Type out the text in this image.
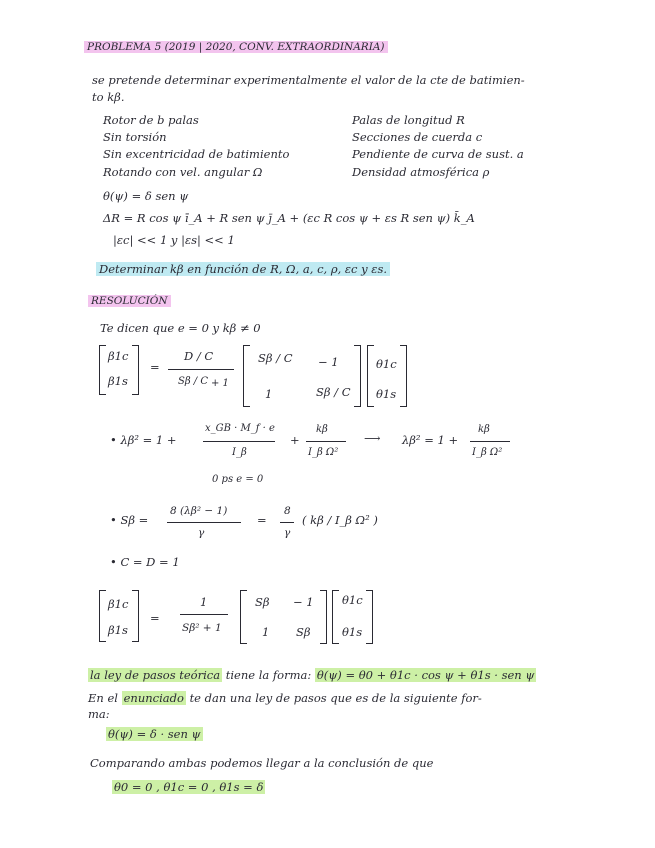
PROBLEMA 5 (2019 | 2020, CONV. EXTRAORDINARIA)
se pretende determinar experimentalmente el valor de la cte de batimien-
to kβ.
Rotor de b palas
Sin torsión
Sin excentricidad de batimiento
Rotando con vel. angular Ω
Palas de longitud R
Secciones de cuerda c
Pendiente de curva de sust. a
Densidad atmosférica ρ
θ(ψ) = δ sen ψ
ΔR = R cos ψ ī_A + R sen ψ j̄_A + (εc R cos ψ + εs R sen ψ) k̄_A
|εc| << 1 y |εs| << 1
Determinar kβ en función de R, Ω, a, c, ρ, εc y εs.
RESOLUCIÓN
Te dicen que e = 0 y kβ ≠ 0
β1c
β1s
=
D / C
Sβ / C + 1
Sβ / C − 1
1	Sβ / C
θ1c
θ1s
• λβ² = 1 +
x_GB · M_f · e
I_β
+
kβ
I_β Ω²
⟶ λβ² = 1 +
kβ
I_β Ω²
0 ps e = 0
• Sβ =
8 (λβ² − 1)
γ
=
8
γ
( kβ / I_β Ω² )
• C = D = 1
β1c
β1s
=
1
Sβ² + 1
Sβ − 1
1 Sβ
θ1c
θ1s
la ley de pasos teórica tiene la forma: θ(ψ) = θ0 + θ1c · cos ψ + θ1s · sen ψ
En el enunciado te dan una ley de pasos que es de la siguiente for-
ma:
θ(ψ) = δ · sen ψ
Comparando ambas podemos llegar a la conclusión de que
θ0 = 0 , θ1c = 0 , θ1s = δ
